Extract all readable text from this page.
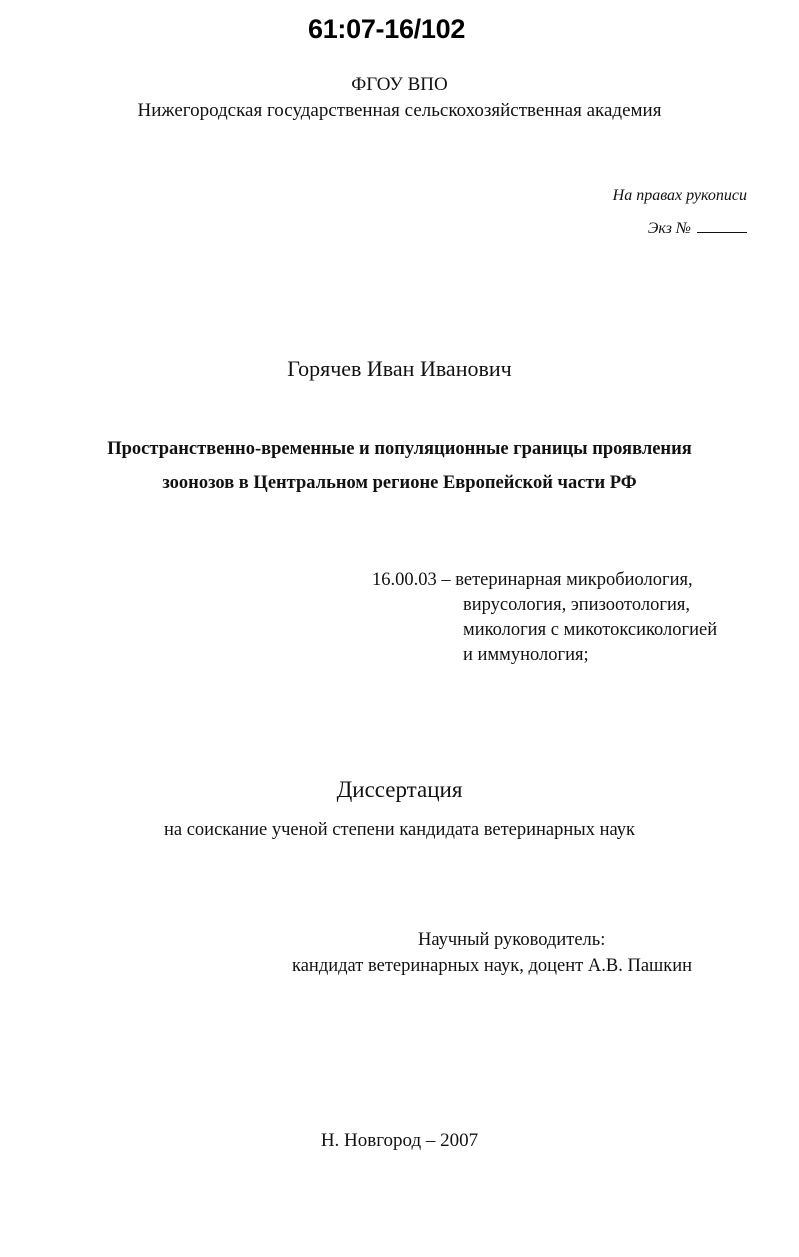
61:07-16/102
ФГОУ ВПО
Нижегородская государственная сельскохозяйственная академия
На правах рукописи
Экз №
Горячев Иван Иванович
Пространственно-временные и популяционные границы проявления
зоонозов в Центральном регионе Европейской части РФ
16.00.03 – ветеринарная микробиология,
вирусология, эпизоотология,
микология с микотоксикологией
и иммунология;
Диссертация
на соискание ученой степени кандидата ветеринарных наук
Научный руководитель:
кандидат ветеринарных наук, доцент А.В. Пашкин
Н. Новгород – 2007
